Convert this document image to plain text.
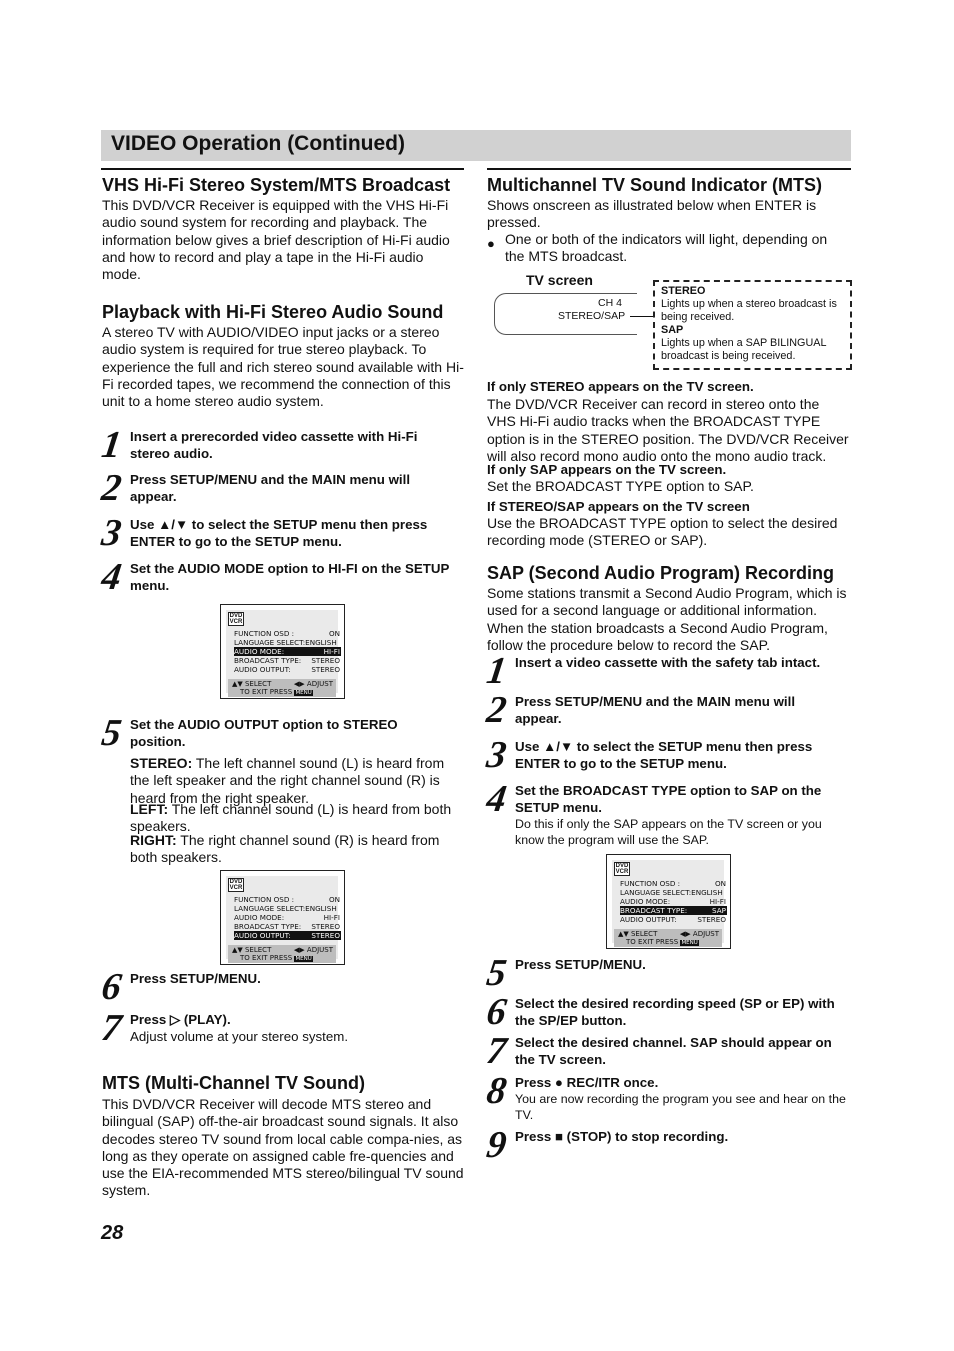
VIDEO Operation (Continued)
VHS Hi-Fi Stereo System/MTS Broadcast

This DVD/VCR Receiver is equipped with the VHS Hi-Fi audio sound system for recording and playback. The information below gives a brief description of Hi-Fi audio and how to record and play a tape in the Hi-Fi audio mode.

Playback with Hi-Fi Stereo Audio Sound

A stereo TV with AUDIO/VIDEO input jacks or a stereo audio system is required for true stereo playback. To experience the full and rich stereo sound available with Hi-Fi recorded tapes, we recommend the connection of this unit to a home stereo audio system.

1 Insert a prerecorded video cassette with Hi-Fi stereo audio.
2 Press SETUP/MENU and the MAIN menu will appear.
3 Use ▲/▼ to select the SETUP menu then press ENTER to go to the SETUP menu.
4 Set the AUDIO MODE option to HI-FI on the SETUP menu.
DVD VCR
FUNCTION OSD :	ON
LANGUAGE SELECT:ENGLISH
AUDIO MODE:	HI-FI
BROADCAST TYPE: STEREO
AUDIO OUTPUT:	STEREO
▲▼ SELECT	◀▶ ADJUST
TO EXIT PRESS MENU
5 Set the AUDIO OUTPUT option to STEREO position.

STEREO: The left channel sound (L) is heard from the left speaker and the right channel sound (R) is heard from the right speaker.

LEFT: The left channel sound (L) is heard from both speakers.

RIGHT: The right channel sound (R) is heard from both speakers.

DVD VCR
FUNCTION OSD :	ON
LANGUAGE SELECT:ENGLISH
AUDIO MODE:	HI-FI
BROADCAST TYPE: STEREO
AUDIO OUTPUT:	STEREO
▲▼ SELECT	◀▶ ADJUST
TO EXIT PRESS MENU
6 Press SETUP/MENU.
7 Press ▷ (PLAY).
Adjust volume at your stereo system.
MTS (Multi-Channel TV Sound)

This DVD/VCR Receiver will decode MTS stereo and bilingual (SAP) off-the-air broadcast sound signals. It also decodes stereo TV sound from local cable compa-nies, as long as they operate on assigned cable fre-quencies and use the EIA-recommended MTS stereo/bilingual TV sound system.

Multichannel TV Sound Indicator (MTS)

Shows onscreen as illustrated below when ENTER is pressed.

● One or both of the indicators will light, depending on the MTS broadcast.

TV screen
CH 4
STEREO/SAP
STEREO
Lights up when a stereo broadcast is being received.
SAP
Lights up when a SAP BILINGUAL broadcast is being received.
If only STEREO appears on the TV screen.

The DVD/VCR Receiver can record in stereo onto the VHS Hi-Fi audio tracks when the BROADCAST TYPE option is in the STEREO position. The DVD/VCR Receiver will also record mono audio onto the mono audio track.

If only SAP appears on the TV screen.

Set the BROADCAST TYPE option to SAP.

If STEREO/SAP appears on the TV screen

Use the BROADCAST TYPE option to select the desired recording mode (STEREO or SAP).

SAP (Second Audio Program) Recording

Some stations transmit a Second Audio Program, which is used for a second language or additional information. When the station broadcasts a Second Audio Program, follow the procedure below to record the SAP.

1 Insert a video cassette with the safety tab intact.
2 Press SETUP/MENU and the MAIN menu will appear.
3 Use ▲/▼ to select the SETUP menu then press ENTER to go to the SETUP menu.
4 Set the BROADCAST TYPE option to SAP on the SETUP menu.
Do this if only the SAP appears on the TV screen or you know the program will use the SAP.
DVD VCR
FUNCTION OSD :	ON
LANGUAGE SELECT:ENGLISH
AUDIO MODE:	HI-FI
BROADCAST TYPE:	SAP
AUDIO OUTPUT:	STEREO
▲▼ SELECT	◀▶ ADJUST
TO EXIT PRESS MENU
5 Press SETUP/MENU.
6 Select the desired recording speed (SP or EP) with the SP/EP button.
7 Select the desired channel. SAP should appear on the TV screen.
8 Press ● REC/ITR once.
You are now recording the program you see and hear on the TV.
9 Press ■ (STOP) to stop recording.
28
